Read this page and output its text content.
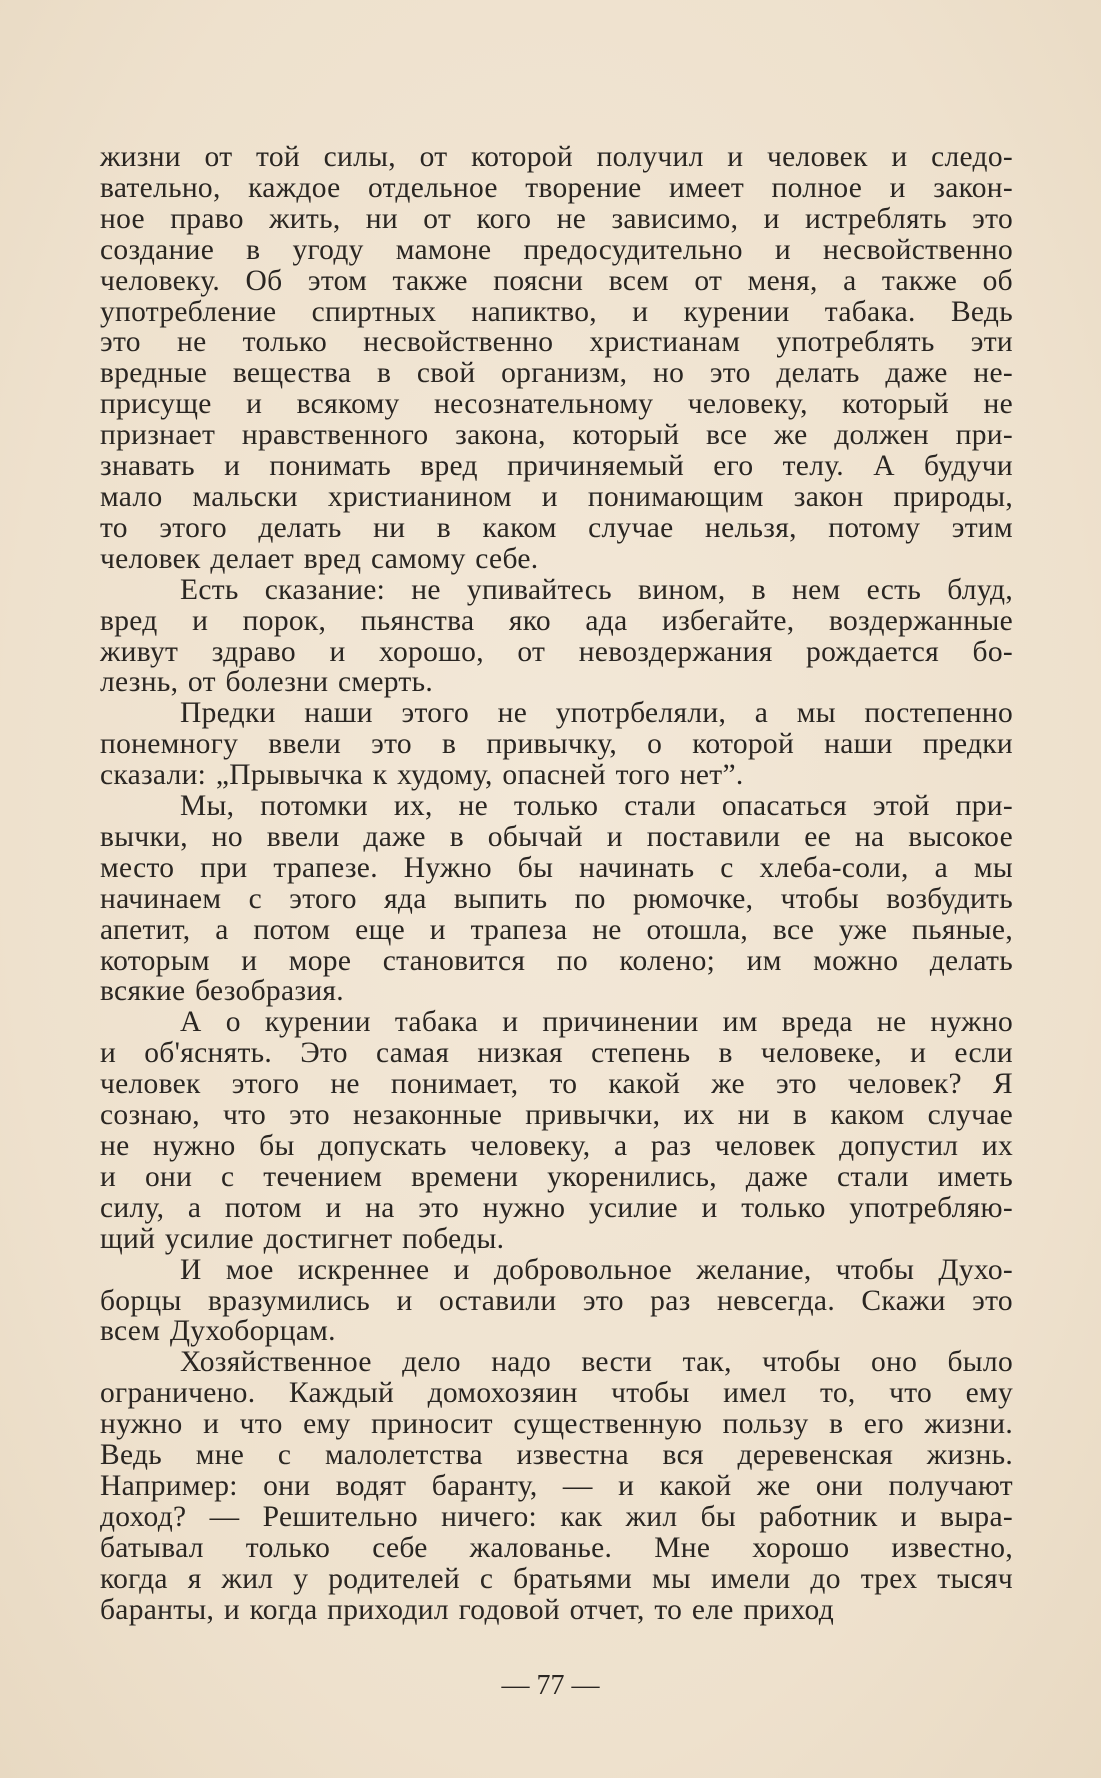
жизни от той силы, от которой получил и человек и следо-
вательно, каждое отдельное творение имеет полное и закон-
ное право жить, ни от кого не зависимо, и истреблять это
создание в угоду мамоне предосудительно и несвойственно
человеку. Об этом также поясни всем от меня, а также об
употребление спиртных напиктво, и курении табака. Ведь
это не только несвойственно христианам употреблять эти
вредные вещества в свой организм, но это делать даже не-
присуще и всякому несознательному человеку, который не
признает нравственного закона, который все же должен при-
знавать и понимать вред причиняемый его телу. А будучи
мало мальски христианином и понимающим закон природы,
то этого делать ни в каком случае нельзя, потому этим
человек делает вред самому себе.

Есть сказание: не упивайтесь вином, в нем есть блуд,
вред и порок, пьянства яко ада избегайте, воздержанные
живут здраво и хорошо, от невоздержания рождается бо-
лезнь, от болезни смерть.

Предки наши этого не употрбеляли, а мы постепенно
понемногу ввели это в привычку, о которой наши предки
сказали: „Прывычка к худому, опасней того нет”.

Мы, потомки их, не только стали опасаться этой при-
вычки, но ввели даже в обычай и поставили ее на высокое
место при трапезе. Нужно бы начинать с хлеба-соли, а мы
начинаем с этого яда выпить по рюмочке, чтобы возбудить
апетит, а потом еще и трапеза не отошла, все уже пьяные,
которым и море становится по колено; им можно делать
всякие безобразия.

А о курении табака и причинении им вреда не нужно
и об'яснять. Это самая низкая степень в человеке, и если
человек этого не понимает, то какой же это человек? Я
сознаю, что это незаконные привычки, их ни в каком случае
не нужно бы допускать человеку, а раз человек допустил их
и они с течением времени укоренились, даже стали иметь
силу, а потом и на это нужно усилие и только употребляю-
щий усилие достигнет победы.

И мое искреннее и добровольное желание, чтобы Духо-
борцы вразумились и оставили это раз невсегда. Скажи это
всем Духоборцам.

Хозяйственное дело надо вести так, чтобы оно было
ограничено. Каждый домохозяин чтобы имел то, что ему
нужно и что ему приносит существенную пользу в его жизни.
Ведь мне с малолетства известна вся деревенская жизнь.
Например: они водят баранту, — и какой же они получают
доход? — Решительно ничего: как жил бы работник и выра-
батывал только себе жалованье. Мне хорошо известно,
когда я жил у родителей с братьями мы имели до трех тысяч
баранты, и когда приходил годовой отчет, то еле приход

— 77 —
